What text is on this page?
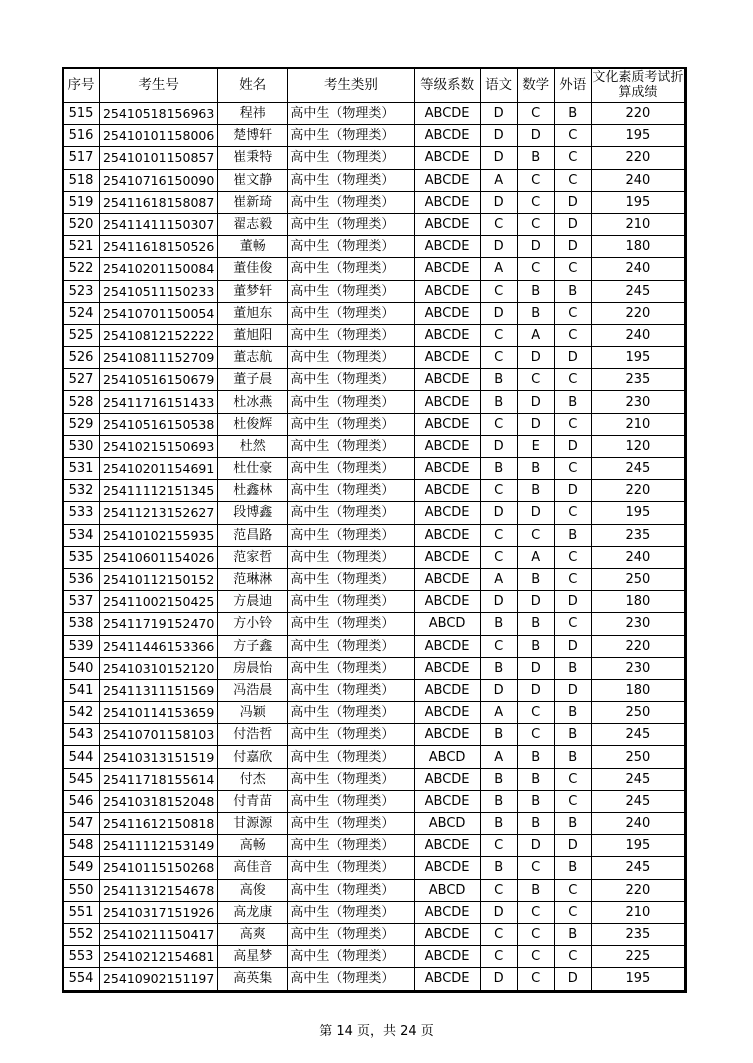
序号	考生号	姓名	考生类别	等级系数	语文	数学	外语	文化素质考试折算成绩
515	25410518156963	程祎	高中生（物理类）	ABCDE	D	C	B	220
516	25410101158006	楚博轩	高中生（物理类）	ABCDE	D	D	C	195
517	25410101150857	崔秉特	高中生（物理类）	ABCDE	D	B	C	220
518	25410716150090	崔文静	高中生（物理类）	ABCDE	A	C	C	240
519	25411618158087	崔新琦	高中生（物理类）	ABCDE	D	C	D	195
520	25411411150307	翟志毅	高中生（物理类）	ABCDE	C	C	D	210
521	25411618150526	董畅	高中生（物理类）	ABCDE	D	D	D	180
522	25410201150084	董佳俊	高中生（物理类）	ABCDE	A	C	C	240
523	25410511150233	董梦轩	高中生（物理类）	ABCDE	C	B	B	245
524	25410701150054	董旭东	高中生（物理类）	ABCDE	D	B	C	220
525	25410812152222	董旭阳	高中生（物理类）	ABCDE	C	A	C	240
526	25410811152709	董志航	高中生（物理类）	ABCDE	C	D	D	195
527	25410516150679	董子晨	高中生（物理类）	ABCDE	B	C	C	235
528	25411716151433	杜冰燕	高中生（物理类）	ABCDE	B	D	B	230
529	25410516150538	杜俊辉	高中生（物理类）	ABCDE	C	D	C	210
530	25410215150693	杜然	高中生（物理类）	ABCDE	D	E	D	120
531	25410201154691	杜仕豪	高中生（物理类）	ABCDE	B	B	C	245
532	25411112151345	杜鑫林	高中生（物理类）	ABCDE	C	B	D	220
533	25411213152627	段博鑫	高中生（物理类）	ABCDE	D	D	C	195
534	25410102155935	范昌路	高中生（物理类）	ABCDE	C	C	B	235
535	25410601154026	范家哲	高中生（物理类）	ABCDE	C	A	C	240
536	25410112150152	范琳淋	高中生（物理类）	ABCDE	A	B	C	250
537	25411002150425	方晨迪	高中生（物理类）	ABCDE	D	D	D	180
538	25411719152470	方小铃	高中生（物理类）	ABCD	B	B	C	230
539	25411446153366	方子鑫	高中生（物理类）	ABCDE	C	B	D	220
540	25410310152120	房晨怡	高中生（物理类）	ABCDE	B	D	B	230
541	25411311151569	冯浩晨	高中生（物理类）	ABCDE	D	D	D	180
542	25410114153659	冯颖	高中生（物理类）	ABCDE	A	C	B	250
543	25410701158103	付浩哲	高中生（物理类）	ABCDE	B	C	B	245
544	25410313151519	付嘉欣	高中生（物理类）	ABCD	A	B	B	250
545	25411718155614	付杰	高中生（物理类）	ABCDE	B	B	C	245
546	25410318152048	付青苗	高中生（物理类）	ABCDE	B	B	C	245
547	25411612150818	甘源源	高中生（物理类）	ABCD	B	B	B	240
548	25411112153149	高畅	高中生（物理类）	ABCDE	C	D	D	195
549	25410115150268	高佳音	高中生（物理类）	ABCDE	B	C	B	245
550	25411312154678	高俊	高中生（物理类）	ABCD	C	B	C	220
551	25410317151926	高龙康	高中生（物理类）	ABCDE	D	C	C	210
552	25410211150417	高爽	高中生（物理类）	ABCDE	C	C	B	235
553	25410212154681	高星梦	高中生（物理类）	ABCDE	C	C	C	225
554	25410902151197	高英集	高中生（物理类）	ABCDE	D	C	D	195
第 14 页，共 24 页
